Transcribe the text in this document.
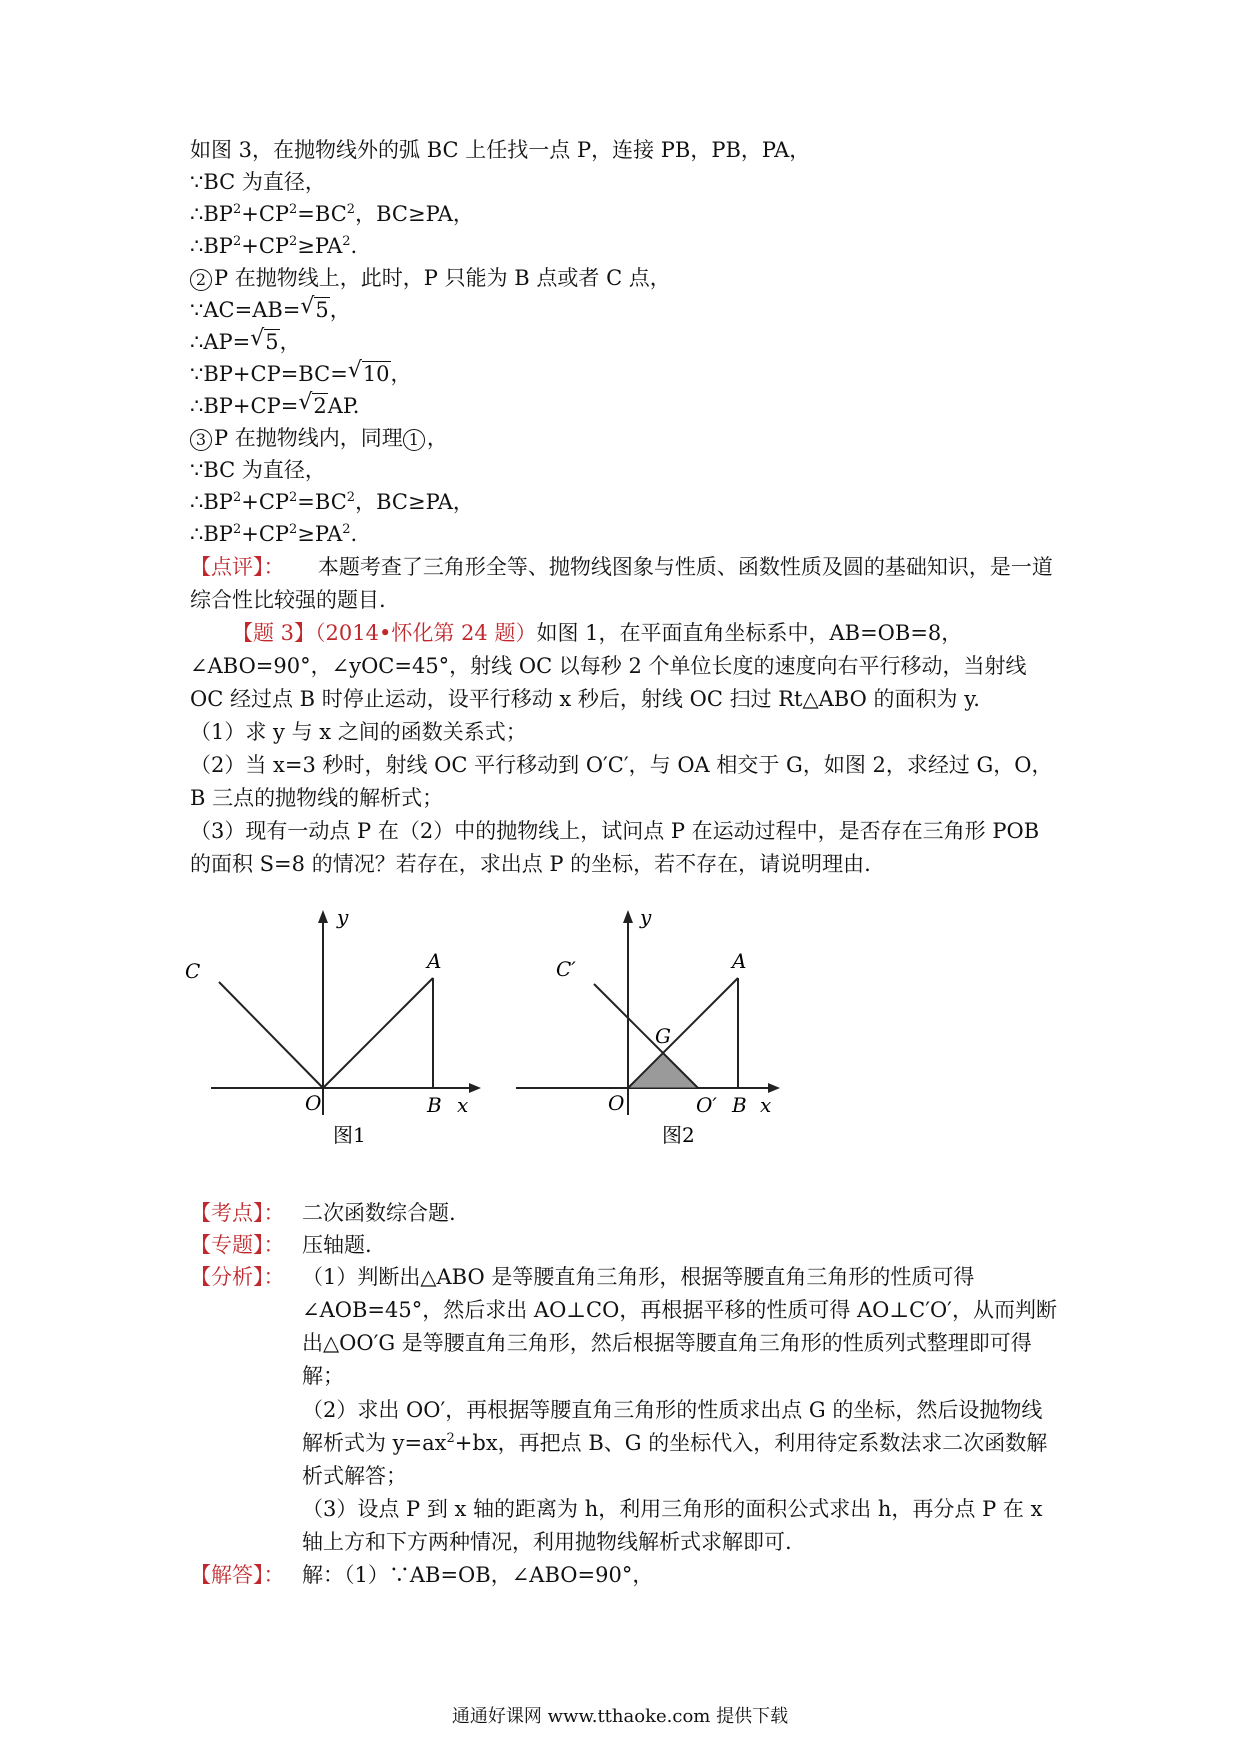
如图 3，在抛物线外的弧 BC 上任找一点 P，连接 PB，PB，PA，
∵BC 为直径，
$\therefore BP^2+CP^2=BC^2$，BC≥PA，
$\therefore BP^2+CP^2\ge PA^2$.
2 P 在抛物线上，此时，P 只能为 B 点或者 C 点，
∵AC=AB= √ 5，
∴AP= √ 5，
∵BP+CP=BC= √ 10，
∴BP+CP= √ 2AP.
3 P 在抛物线内，同理 1 ，
∵BC 为直径，
$\therefore BP^2+CP^2=BC^2$，BC≥PA，
$\therefore BP^2+CP^2\ge PA^2$.
【点评】： 本题考查了三角形全等、抛物线图象与性质、函数性质及圆的基础知识，是一道综合性比较强的题目.
【题 3】（2014•怀化第 24 题）如图 1，在平面直角坐标系中，AB=OB=8，∠ABO=90°，∠yOC=45°，射线 OC 以每秒 2 个单位长度的速度向右平行移动，当射线 OC 经过点 B 时停止运动，设平行移动 x 秒后，射线 OC 扫过 Rt△ABO 的面积为 y.
（1）求 y 与 x 之间的函数关系式；
（2）当 x=3 秒时，射线 OC 平行移动到 O′C′，与 OA 相交于 G，如图 2，求经过 G，O，B 三点的抛物线的解析式；
（3）现有一动点 P 在（2）中的抛物线上，试问点 P 在运动过程中，是否存在三角形 POB 的面积 S=8 的情况？若存在，求出点 P 的坐标，若不存在，请说明理由.
y
x
C	A
O	B
图1
y
x
C′	A
G
O	O′ B
图2
【考点】： 二次函数综合题.
【专题】： 压轴题.
【分析】： （1）判断出△ABO 是等腰直角三角形，根据等腰直角三角形的性质可得∠AOB=45°，然后求出 AO⊥CO，再根据平移的性质可得 AO⊥C′O′，从而判断出△OO′G 是等腰直角三角形，然后根据等腰直角三角形的性质列式整理即可得解；
（2）求出 OO′，再根据等腰直角三角形的性质求出点 G 的坐标，然后设抛物线解析式为 $y=ax^2+bx$，再把点 B、G 的坐标代入，利用待定系数法求二次函数解析式解答；
（3）设点 P 到 x 轴的距离为 h，利用三角形的面积公式求出 h，再分点 P 在 x 轴上方和下方两种情况，利用抛物线解析式求解即可.
【解答】： 解：（1）∵AB=OB，∠ABO=90°，
通通好课网 www.tthaoke.com 提供下载
